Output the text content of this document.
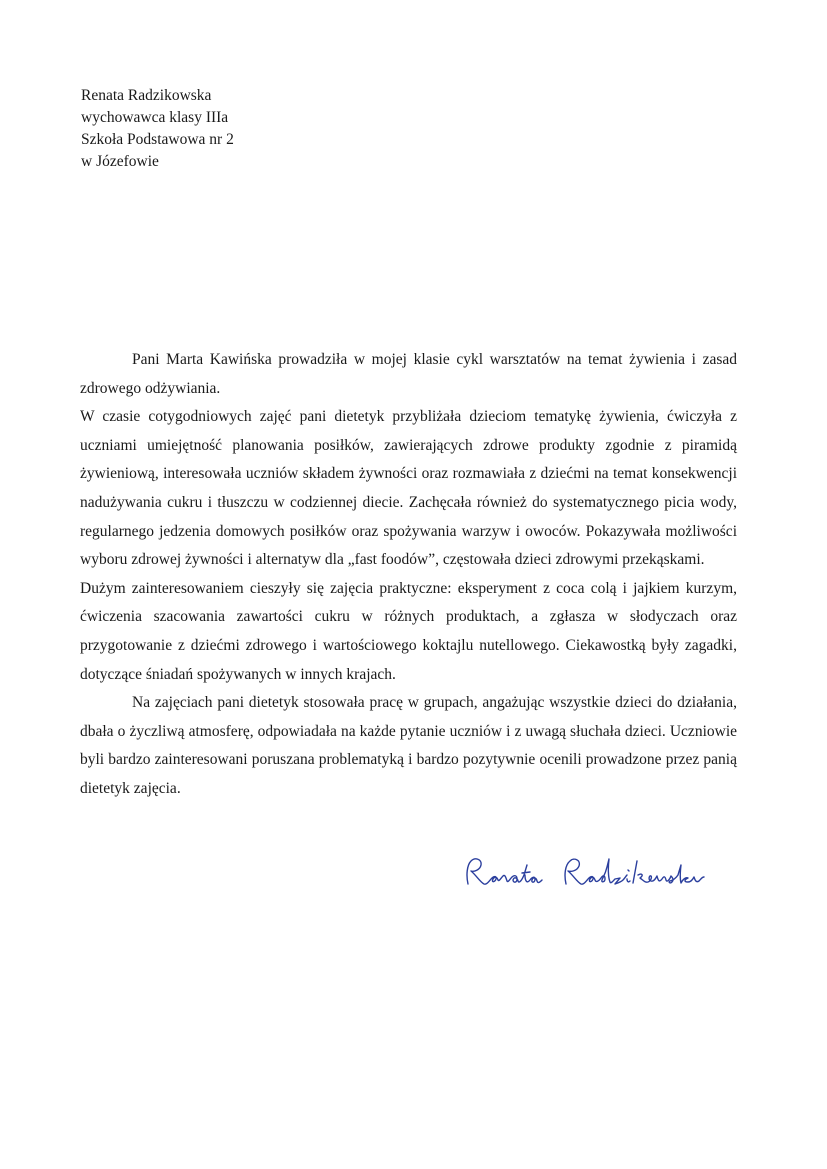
Renata Radzikowska
wychowawca klasy IIIa
Szkoła Podstawowa nr 2
w Józefowie

Pani Marta Kawińska prowadziła w mojej klasie cykl warsztatów na temat żywienia i zasad zdrowego odżywiania.

W czasie cotygodniowych zajęć pani dietetyk przybliżała dzieciom tematykę żywienia, ćwiczyła z uczniami umiejętność planowania posiłków, zawierających zdrowe produkty zgodnie z piramidą żywieniową, interesowała uczniów składem żywności oraz rozmawiała z dziećmi na temat konsekwencji nadużywania cukru i tłuszczu w codziennej diecie. Zachęcała również do systematycznego picia wody, regularnego jedzenia domowych posiłków oraz spożywania warzyw i owoców. Pokazywała możliwości wyboru zdrowej żywności i alternatyw dla „fast foodów”, częstowała dzieci zdrowymi przekąskami.

Dużym zainteresowaniem cieszyły się zajęcia praktyczne: eksperyment z coca colą i jajkiem kurzym, ćwiczenia szacowania zawartości cukru w różnych produktach, a zgłasza w słodyczach oraz przygotowanie z dziećmi zdrowego i wartościowego koktajlu nutellowego. Ciekawostką były zagadki, dotyczące śniadań spożywanych w innych krajach.

Na zajęciach pani dietetyk stosowała pracę w grupach, angażując wszystkie dzieci do działania, dbała o życzliwą atmosferę, odpowiadała na każde pytanie uczniów i z uwagą słuchała dzieci. Uczniowie byli bardzo zainteresowani poruszana problematyką i bardzo pozytywnie ocenili prowadzone przez panią dietetyk zajęcia.
